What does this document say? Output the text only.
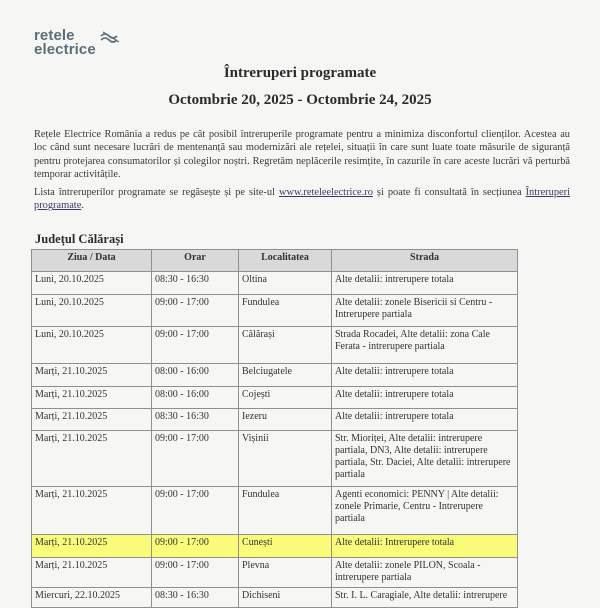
retele
electrice
Întreruperi programate
Octombrie 20, 2025 - Octombrie 24, 2025
Rețele Electrice România a redus pe cât posibil întreruperile programate pentru a minimiza disconfortul clienților. Acestea au loc când sunt necesare lucrări de mentenanță sau modernizări ale rețelei, situații în care sunt luate toate măsurile de siguranță pentru protejarea consumatorilor și colegilor noștri. Regretăm neplăcerile resimțite, în cazurile în care aceste lucrări vă perturbă temporar activitățile.
Lista întreruperilor programate se regăsește și pe site-ul www.reteleelectrice.ro și poate fi consultată în secțiunea Întreruperi programate.
Județul Călărași
Ziua / Data	Orar	Localitatea	Strada
Luni, 20.10.2025	08:30 - 16:30	Oltina	Alte detalii: intrerupere totala
Luni, 20.10.2025	09:00 - 17:00	Fundulea	Alte detalii: zonele Bisericii si Centru - Intrerupere partiala
Luni, 20.10.2025	09:00 - 17:00	Călărași	Strada Rocadei, Alte detalii: zona Cale Ferata - intrerupere partiala
Marți, 21.10.2025	08:00 - 16:00	Belciugatele	Alte detalii: intrerupere totala
Marți, 21.10.2025	08:00 - 16:00	Cojești	Alte detalii: intrerupere totala
Marți, 21.10.2025	08:30 - 16:30	Iezeru	Alte detalii: intrerupere totala
Marți, 21.10.2025	09:00 - 17:00	Vișinii	Str. Mioriței, Alte detalii: intrerupere partiala, DN3, Alte detalii: intrerupere partiala, Str. Daciei, Alte detalii: intrerupere partiala
Marți, 21.10.2025	09:00 - 17:00	Fundulea	Agenti economici: PENNY | Alte detalii: zonele Primarie, Centru - Intrerupere partiala
Marți, 21.10.2025	09:00 - 17:00	Cunești	Alte detalii: Intrerupere totala
Marți, 21.10.2025	09:00 - 17:00	Plevna	Alte detalii: zonele PILON, Scoala - intrerupere partiala
Miercuri, 22.10.2025	08:30 - 16:30	Dichiseni	Str. I. L. Caragiale, Alte detalii: intrerupere
